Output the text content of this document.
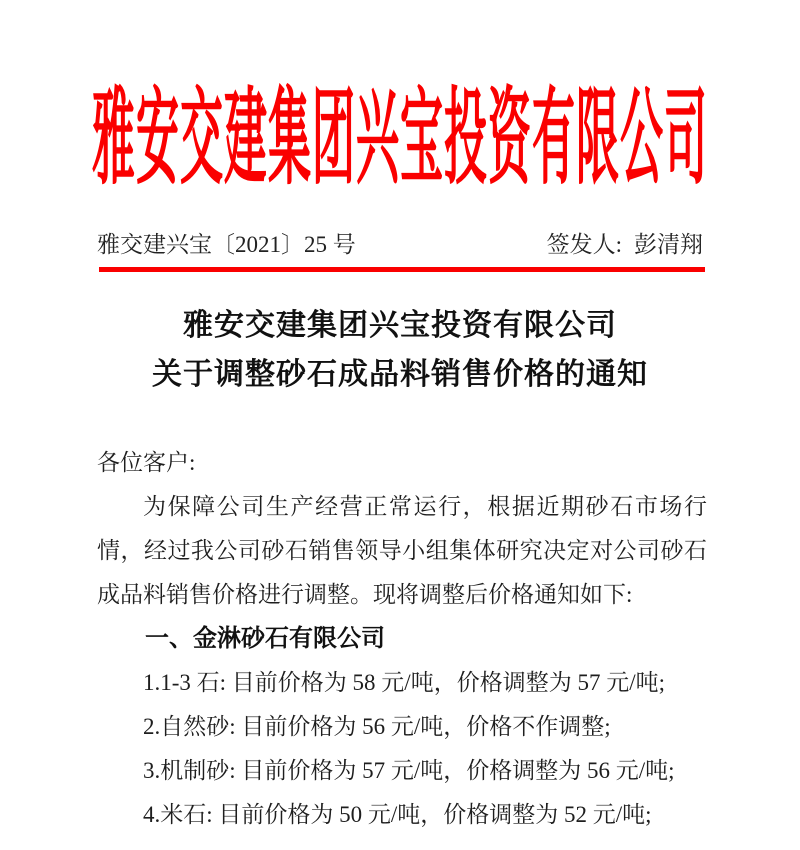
雅安交建集团兴宝投资有限公司
雅交建兴宝〔2021〕25 号	签发人: 彭清翔
雅安交建集团兴宝投资有限公司
关于调整砂石成品料销售价格的通知

各位客户:

为保障公司生产经营正常运行，根据近期砂石市场行情，经过我公司砂石销售领导小组集体研究决定对公司砂石成品料销售价格进行调整。现将调整后价格通知如下:

一、金淋砂石有限公司

1.1-3 石: 目前价格为 58 元/吨，价格调整为 57 元/吨;

2.自然砂: 目前价格为 56 元/吨，价格不作调整;

3.机制砂: 目前价格为 57 元/吨，价格调整为 56 元/吨;

4.米石: 目前价格为 50 元/吨，价格调整为 52 元/吨;
